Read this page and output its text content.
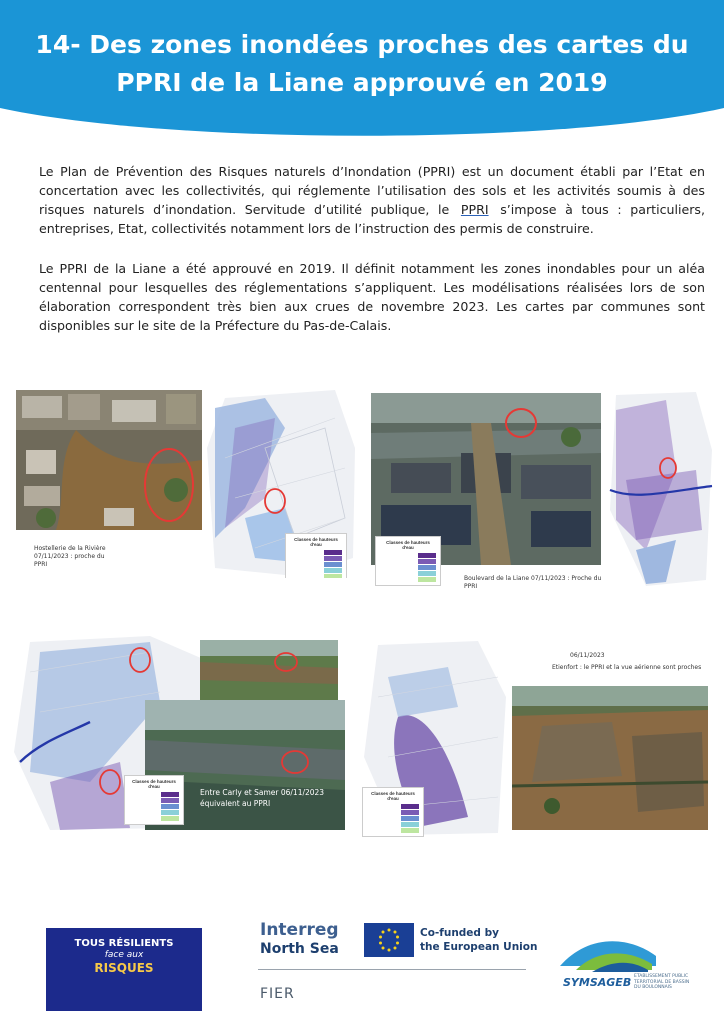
14- Des zones inondées proches des cartes du
PPRI de la Liane approuvé en 2019
Le Plan de Prévention des Risques naturels d’Inondation (PPRI) est un document établi par l’Etat en concertation avec les collectivités, qui réglemente l’utilisation des sols et les activités soumis à des risques naturels d’inondation. Servitude d’utilité publique, le PPRI s’impose à tous : particuliers, entreprises, Etat, collectivités notamment lors de l’instruction des permis de construire.
Le PPRI de la Liane a été approuvé en 2019. Il définit notamment les zones inondables pour un aléa centennal pour lesquelles des réglementations s’appliquent. Les modélisations réalisées lors de son élaboration correspondent très bien aux crues de novembre 2023. Les cartes par communes sont disponibles sur le site de la Préfecture du Pas-de-Calais.
Classes de hauteurs d'eau

Hostellerie de la Rivière 07/11/2023 : proche du PPRI
Classes de hauteurs d'eau

Boulevard de la Liane 07/11/2023 : Proche du PPRI
Classes de hauteurs d'eau

Entre Carly et Samer 06/11/2023
équivalent au PPRI
Classes de hauteurs d'eau

06/11/2023
Etienfort : le PPRI et la vue aérienne sont proches
TOUS RÉSILIENTS
face aux
RISQUES
Interreg
North Sea
Co-funded by
the European Union
FIER
SYMSAGEB ETABLISSEMENT PUBLIC TERRITORIAL DE BASSIN DU BOULONNAIS
